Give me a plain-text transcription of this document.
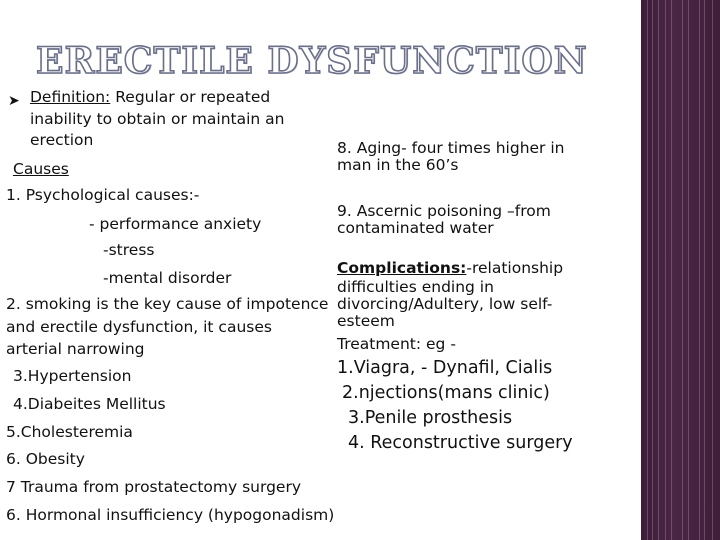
ERECTILE DYSFUNCTION
➤ Definition: Regular or repeated
inability to obtain or maintain an
erection
Causes
1. Psychological causes:-
- performance anxiety
-stress
-mental disorder
2. smoking is the key cause of impotence
and erectile dysfunction, it causes
arterial narrowing
3.Hypertension
4.Diabeites Mellitus
5.Cholesteremia
6. Obesity
7 Trauma from prostatectomy surgery
6. Hormonal insufficiency (hypogonadism)
8. Aging- four times higher in
man in the 60’s
9. Ascernic poisoning –from
contaminated water
Complications:-relationship
difficulties ending in
divorcing/Adultery, low self-
esteem
Treatment: eg -
1.Viagra, - Dynafil, Cialis
2.njections(mans clinic)
3.Penile prosthesis
4. Reconstructive surgery
